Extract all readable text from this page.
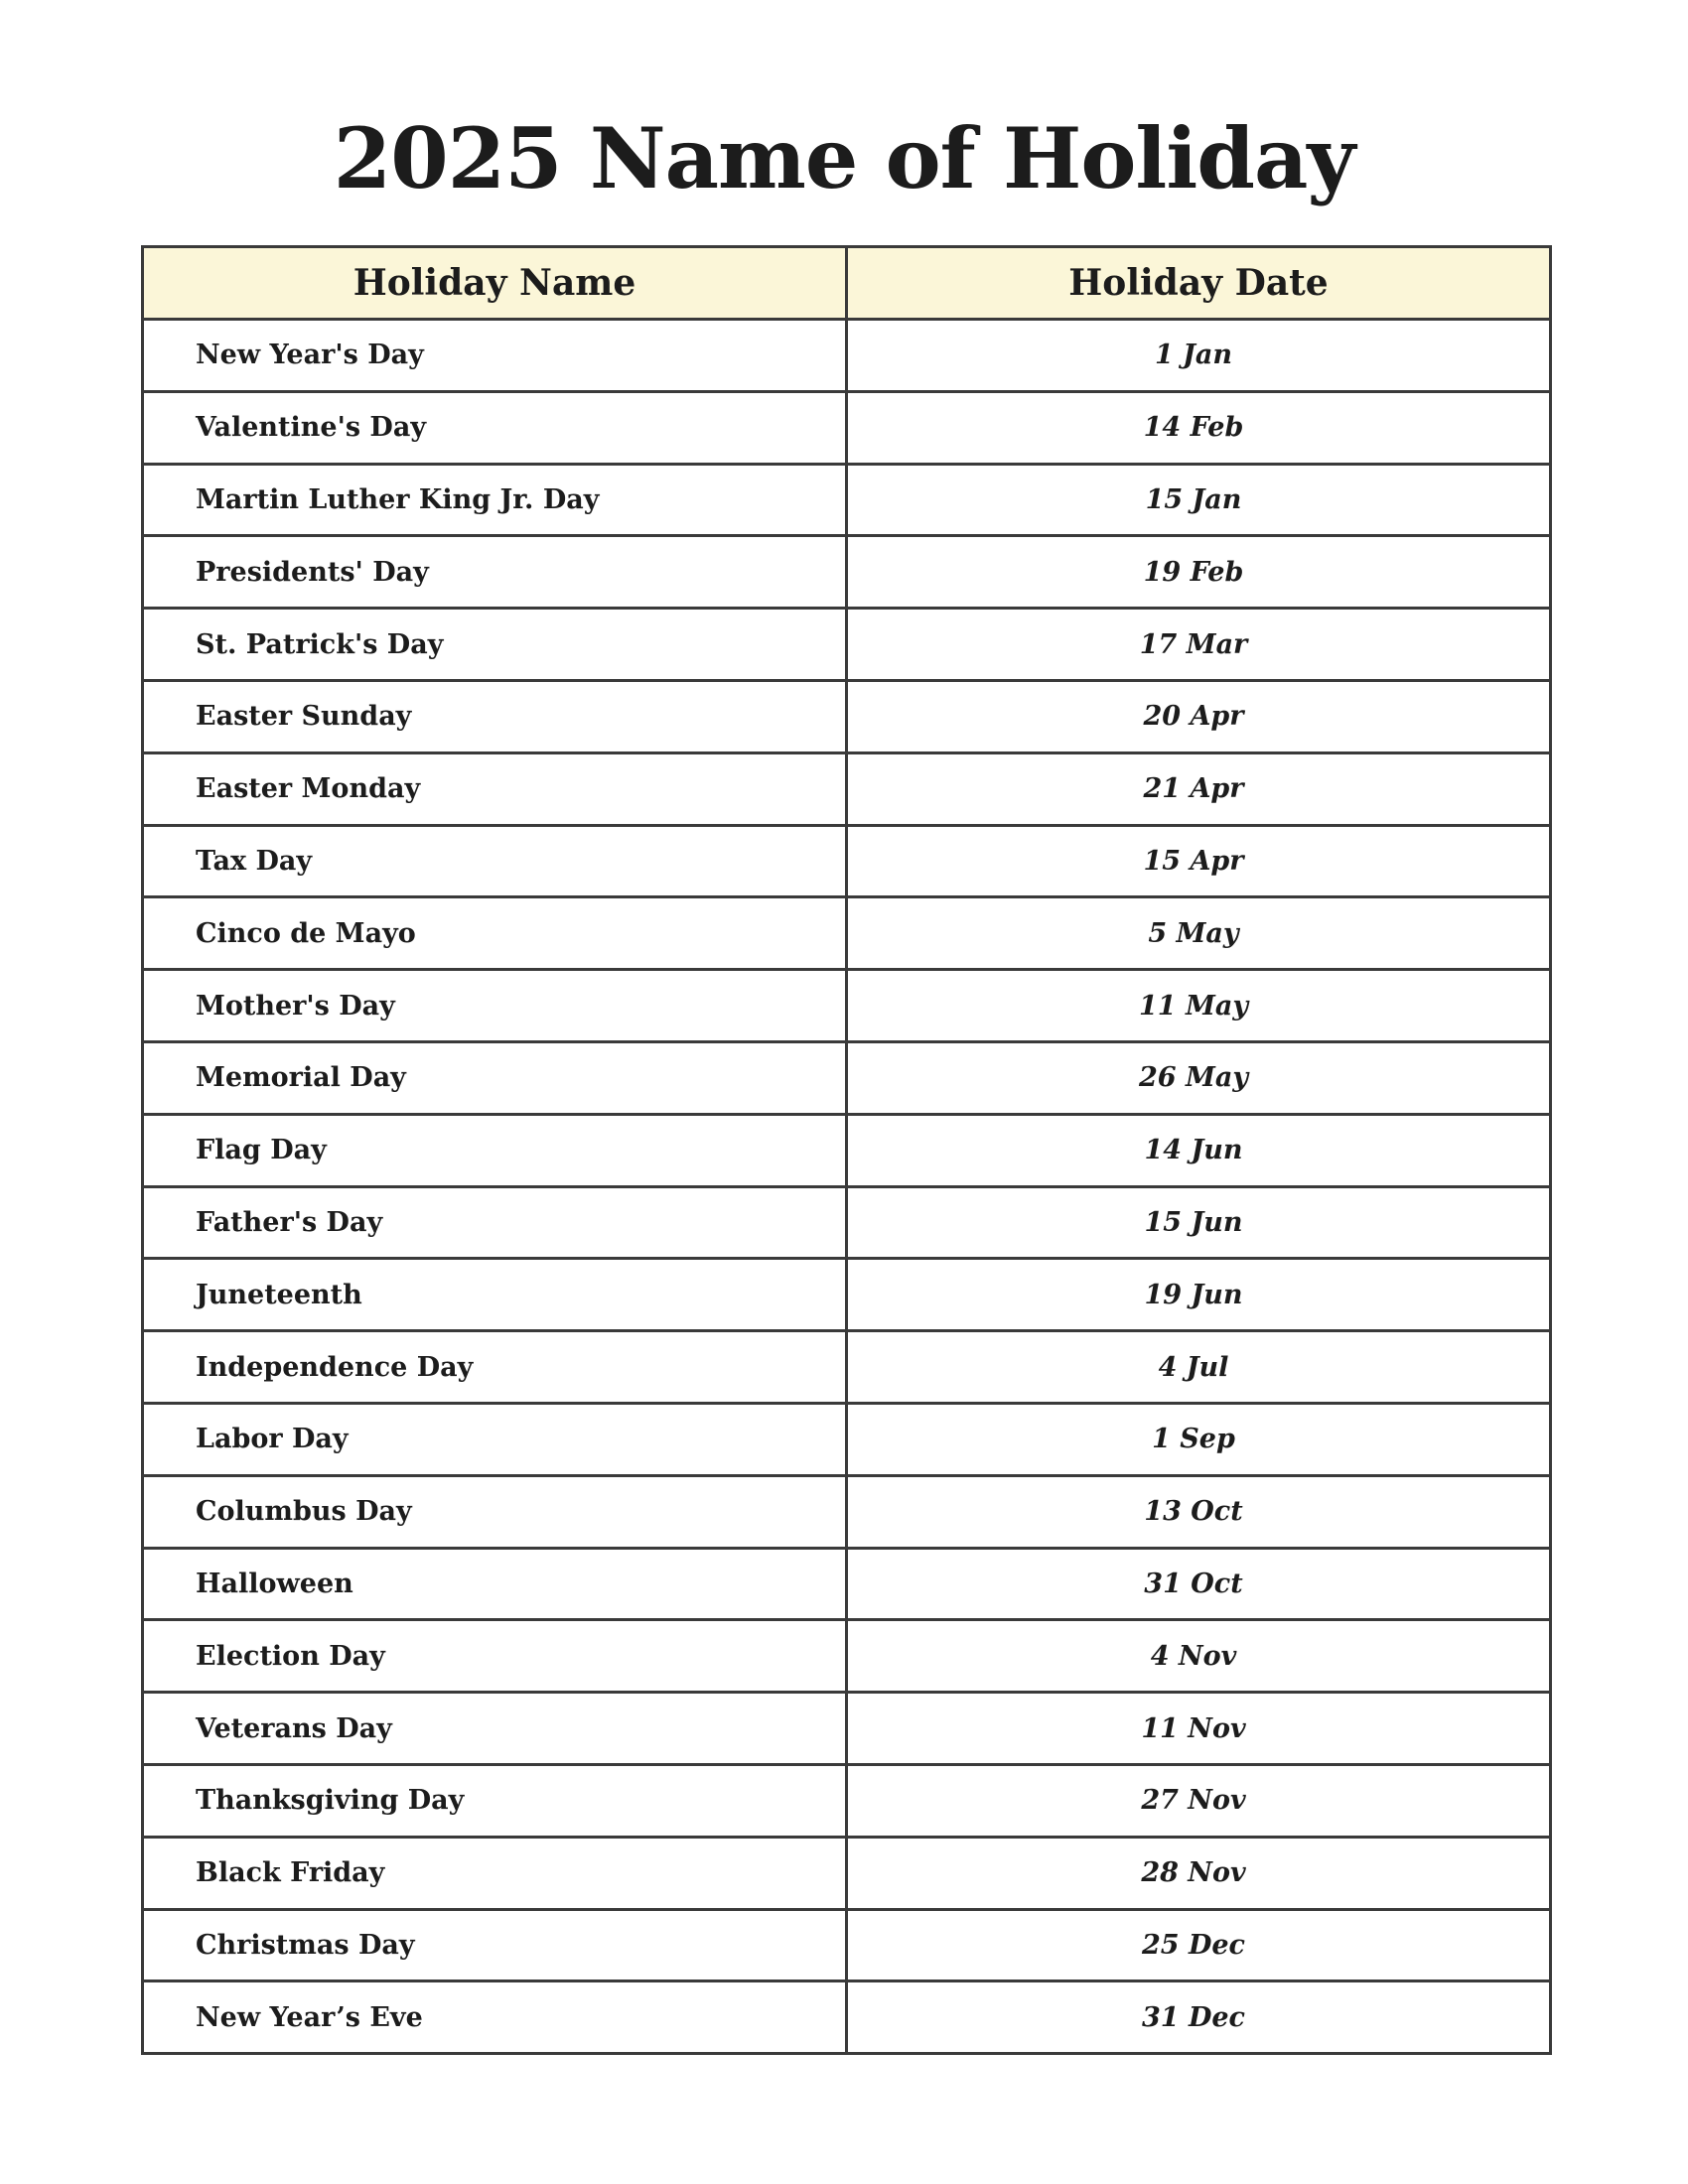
2025 Name of Holiday
Holiday Name	Holiday Date
New Year's Day	1 Jan
Valentine's Day	14 Feb
Martin Luther King Jr. Day	15 Jan
Presidents' Day	19 Feb
St. Patrick's Day	17 Mar
Easter Sunday	20 Apr
Easter Monday	21 Apr
Tax Day	15 Apr
Cinco de Mayo	5 May
Mother's Day	11 May
Memorial Day	26 May
Flag Day	14 Jun
Father's Day	15 Jun
Juneteenth	19 Jun
Independence Day	4 Jul
Labor Day	1 Sep
Columbus Day	13 Oct
Halloween	31 Oct
Election Day	4 Nov
Veterans Day	11 Nov
Thanksgiving Day	27 Nov
Black Friday	28 Nov
Christmas Day	25 Dec
New Year’s Eve	31 Dec
